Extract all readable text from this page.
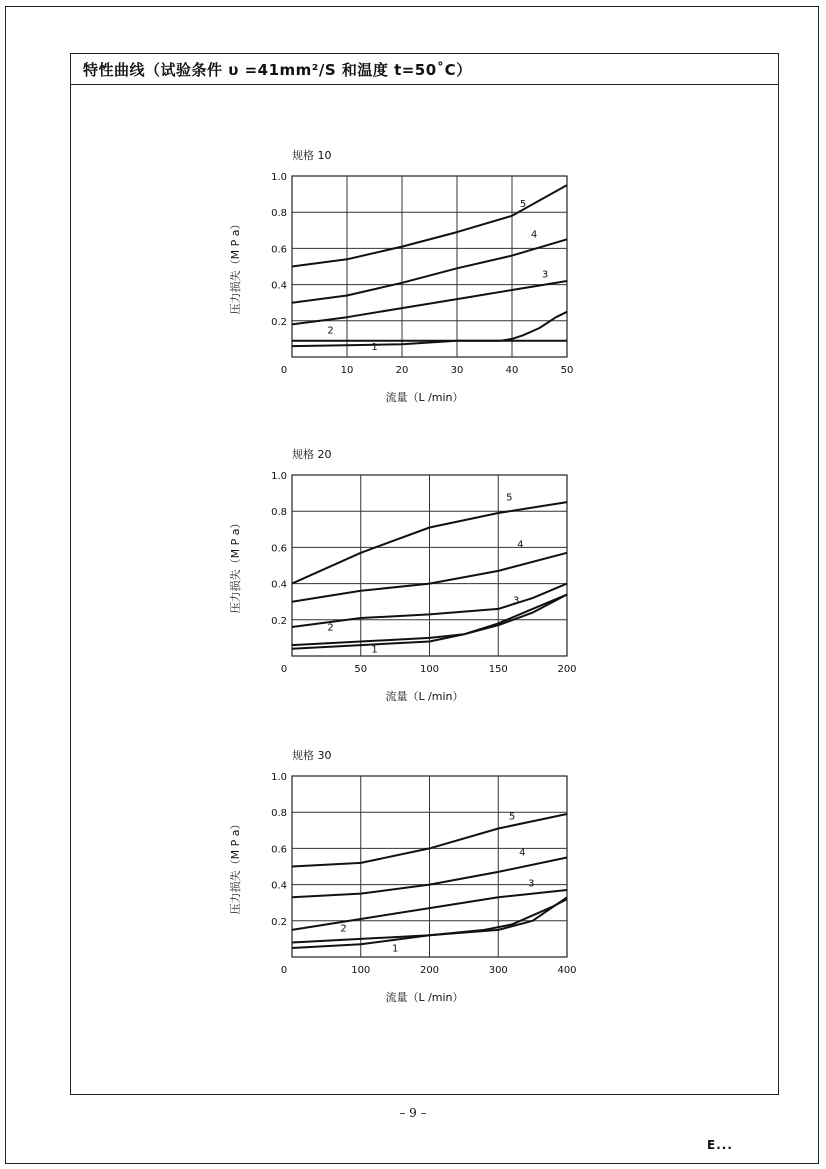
特性曲线（试验条件 υ =41mm²/S 和温度 t=50˚C）
规格 10
0	10	20	30	40	50
0.2
0.4
0.6
0.8
1.0
流量（L /min）
压力损失（M P a）
1
2
3
4
5
规格 20
0	50	100	150	200
0.2
0.4
0.6
0.8
1.0
流量（L /min）
压力损失（M P a）
1
2
3
4
5
规格 30
0	100	200	300	400
0.2
0.4
0.6
0.8
1.0
流量（L /min）
压力损失（M P a）
1
2
3
4
5
– 9 –
E...
